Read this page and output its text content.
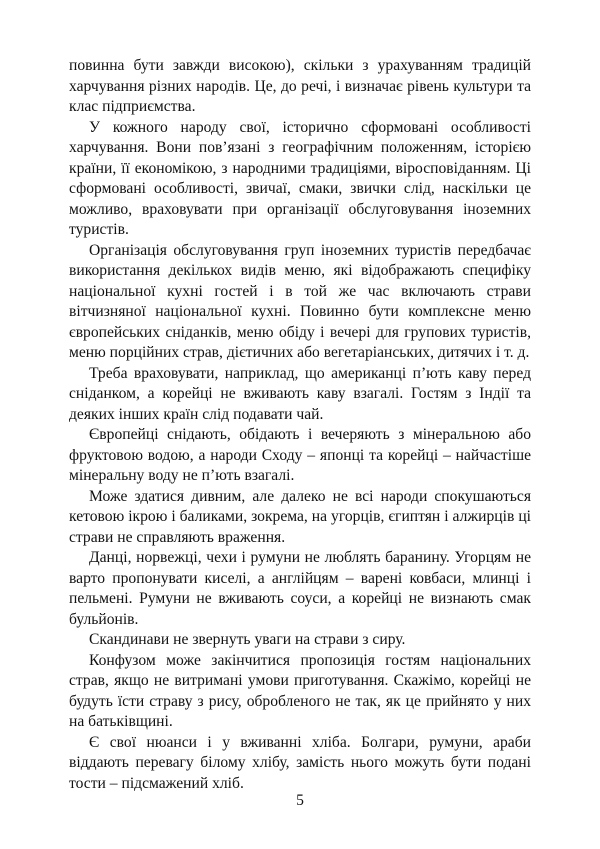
повинна бути завжди високою), скільки з урахуванням традицій харчування різних народів. Це, до речі, і визначає рівень культури та клас підприємства.

У кожного народу свої, історично сформовані особливості харчування. Вони пов’язані з географічним положенням, історією країни, її економікою, з народними традиціями, віросповіданням. Ці сформовані особливості, звичаї, смаки, звички слід, наскільки це можливо, враховувати при організації обслуговування іноземних туристів.

Організація обслуговування груп іноземних туристів передбачає використання декількох видів меню, які відображають специфіку національної кухні гостей і в той же час включають страви вітчизняної національної кухні. Повинно бути комплексне меню європейських сніданків, меню обіду і вечері для групових туристів, меню порційних страв, дієтичних або вегетаріанських, дитячих і т. д.

Треба враховувати, наприклад, що американці п’ють каву перед сніданком, а корейці не вживають каву взагалі. Гостям з Індії та деяких інших країн слід подавати чай.

Європейці снідають, обідають і вечеряють з мінеральною або фруктовою водою, а народи Сходу – японці та корейці – найчастіше мінеральну воду не п’ють взагалі.

Може здатися дивним, але далеко не всі народи спокушаються кетовою ікрою і баликами, зокрема, на угорців, єгиптян і алжирців ці страви не справляють враження.

Данці, норвежці, чехи і румуни не люблять баранину. Угорцям не варто пропонувати киселі, а англійцям – варені ковбаси, млинці і пельмені. Румуни не вживають соуси, а корейці не визнають смак бульйонів.

Скандинави не звернуть уваги на страви з сиру.

Конфузом може закінчитися пропозиція гостям національних страв, якщо не витримані умови приготування. Скажімо, корейці не будуть їсти страву з рису, обробленого не так, як це прийнято у них на батьківщині.

Є свої нюанси і у вживанні хліба. Болгари, румуни, араби віддають перевагу білому хлібу, замість нього можуть бути подані тости – підсмажений хліб.

5
